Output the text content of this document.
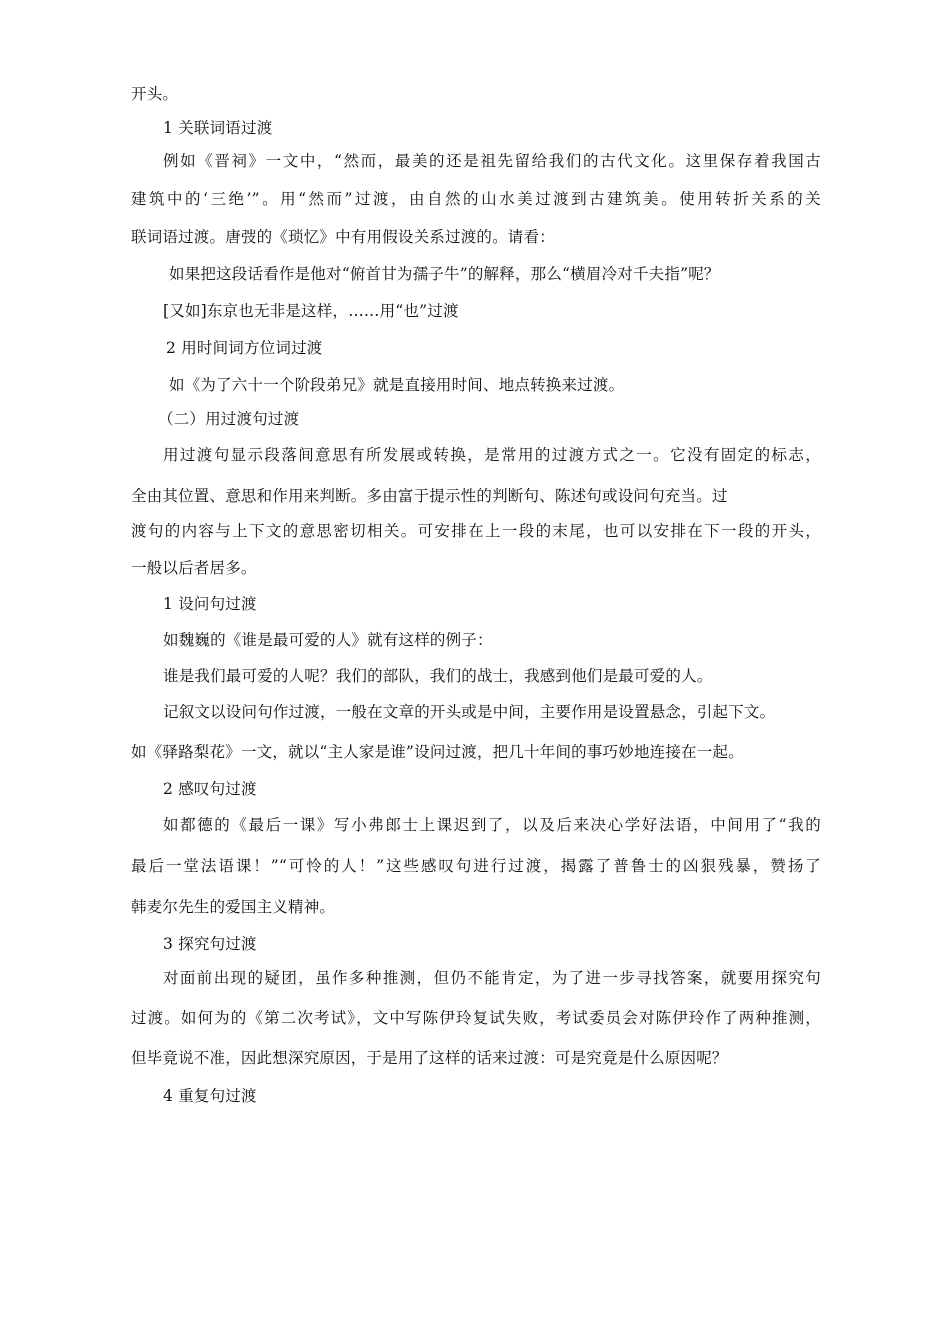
开头。
1 关联词语过渡
例如《晋祠》一文中，“然而，最美的还是祖先留给我们的古代文化。这里保存着我国古
建筑中的‘三绝’”。用“然而”过渡，由自然的山水美过渡到古建筑美。使用转折关系的关
联词语过渡。唐弢的《琐忆》中有用假设关系过渡的。请看：
如果把这段话看作是他对“俯首甘为孺子牛”的解释，那么“横眉冷对千夫指”呢？
[又如]东京也无非是这样，……用“也”过渡
2 用时间词方位词过渡
如《为了六十一个阶段弟兄》就是直接用时间、地点转换来过渡。
（二）用过渡句过渡
用过渡句显示段落间意思有所发展或转换，是常用的过渡方式之一。它没有固定的标志，
全由其位置、意思和作用来判断。多由富于提示性的判断句、陈述句或设问句充当。过
渡句的内容与上下文的意思密切相关。可安排在上一段的末尾，也可以安排在下一段的开头，
一般以后者居多。
1 设问句过渡
如魏巍的《谁是最可爱的人》就有这样的例子：
谁是我们最可爱的人呢？我们的部队，我们的战士，我感到他们是最可爱的人。
记叙文以设问句作过渡，一般在文章的开头或是中间，主要作用是设置悬念，引起下文。
如《驿路梨花》一文，就以“主人家是谁”设问过渡，把几十年间的事巧妙地连接在一起。
2 感叹句过渡
如都德的《最后一课》写小弗郎士上课迟到了，以及后来决心学好法语，中间用了“我的
最后一堂法语课！”“可怜的人！”这些感叹句进行过渡，揭露了普鲁士的凶狠残暴，赞扬了
韩麦尔先生的爱国主义精神。
3 探究句过渡
对面前出现的疑团，虽作多种推测，但仍不能肯定，为了进一步寻找答案，就要用探究句
过渡。如何为的《第二次考试》，文中写陈伊玲复试失败，考试委员会对陈伊玲作了两种推测，
但毕竟说不准，因此想深究原因，于是用了这样的话来过渡：可是究竟是什么原因呢？
4 重复句过渡
